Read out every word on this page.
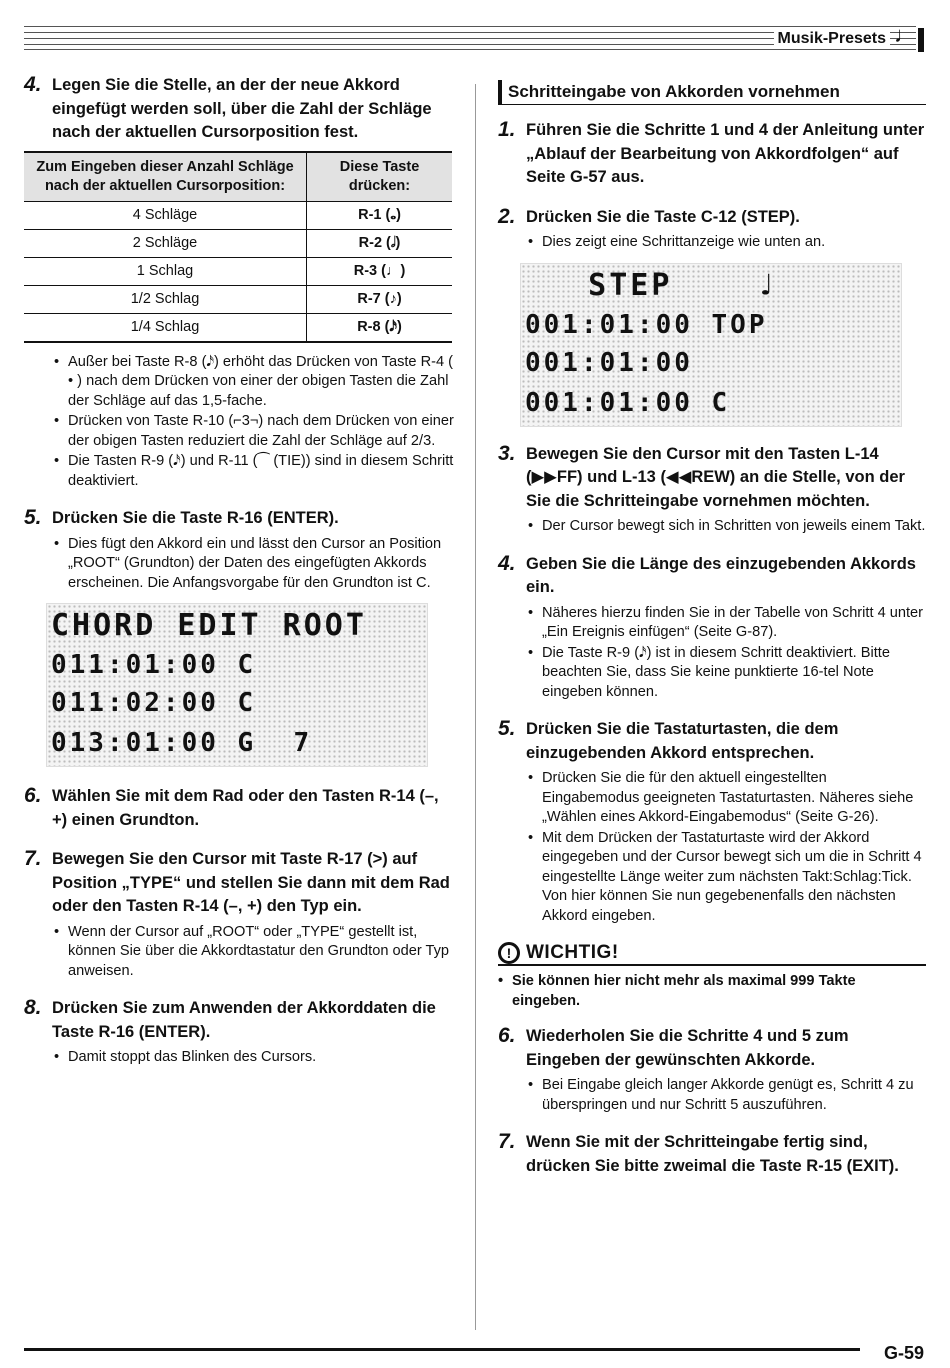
Musik-Presets ♩
4. Legen Sie die Stelle, an der der neue Akkord eingefügt werden soll, über die Zahl der Schläge nach der aktuellen Cursorposition fest.
Zum Eingeben dieser Anzahl Schläge nach der aktuellen Cursorposition:	Diese Taste drücken:
4 Schläge	R-1 (𝅝)
2 Schläge	R-2 (𝅗𝅥)
1 Schlag	R-3 (♩)
1/2 Schlag	R-7 (♪)
1/4 Schlag	R-8 (𝅘𝅥𝅯)
• Außer bei Taste R-8 (𝅘𝅥𝅯) erhöht das Drücken von Taste R-4 ( • ) nach dem Drücken von einer der obigen Tasten die Zahl der Schläge auf das 1,5-fache.
• Drücken von Taste R-10 (⌐3¬) nach dem Drücken von einer der obigen Tasten reduziert die Zahl der Schläge auf 2/3.
• Die Tasten R-9 (𝅘𝅥𝅯) und R-11 (⁀ (TIE)) sind in diesem Schritt deaktiviert.
5. Drücken Sie die Taste R-16 (ENTER).
• Dies fügt den Akkord ein und lässt den Cursor an Position „ROOT“ (Grundton) der Daten des eingefügten Akkords erscheinen. Die Anfangsvorgabe für den Grundton ist C.
CHORD EDIT ROOT
011:01:00 C
011:02:00 C
013:01:00 G  7
6. Wählen Sie mit dem Rad oder den Tasten R-14 (–, +) einen Grundton.
7. Bewegen Sie den Cursor mit Taste R-17 (>) auf Position „TYPE“ und stellen Sie dann mit dem Rad oder den Tasten R-14 (–, +) den Typ ein.
• Wenn der Cursor auf „ROOT“ oder „TYPE“ gestellt ist, können Sie über die Akkordtastatur den Grundton oder Typ anweisen.
8. Drücken Sie zum Anwenden der Akkorddaten die Taste R-16 (ENTER).
• Damit stoppt das Blinken des Cursors.
Schritteingabe von Akkorden vornehmen
1. Führen Sie die Schritte 1 und 4 der Anleitung unter „Ablauf der Bearbeitung von Akkordfolgen“ auf Seite G-57 aus.
2. Drücken Sie die Taste C-12 (STEP).
• Dies zeigt eine Schrittanzeige wie unten an.
STEP    ♩
001:01:00 TOP
001:01:00
001:01:00 C
3. Bewegen Sie den Cursor mit den Tasten L-14 (▶▶FF) und L-13 (◀◀REW) an die Stelle, von der Sie die Schritteingabe vornehmen möchten.
• Der Cursor bewegt sich in Schritten von jeweils einem Takt.
4. Geben Sie die Länge des einzugebenden Akkords ein.
• Näheres hierzu finden Sie in der Tabelle von Schritt 4 unter „Ein Ereignis einfügen“ (Seite G-87).
• Die Taste R-9 (𝅘𝅥𝅯) ist in diesem Schritt deaktiviert. Bitte beachten Sie, dass Sie keine punktierte 16-tel Note eingeben können.
5. Drücken Sie die Tastaturtasten, die dem einzugebenden Akkord entsprechen.
• Drücken Sie die für den aktuell eingestellten Eingabemodus geeigneten Tastaturtasten. Näheres siehe „Wählen eines Akkord-Eingabemodus“ (Seite G-26).
• Mit dem Drücken der Tastaturtaste wird der Akkord eingegeben und der Cursor bewegt sich um die in Schritt 4 eingestellte Länge weiter zum nächsten Takt:Schlag:Tick. Von hier können Sie nun gegebenenfalls den nächsten Akkord eingeben.
! WICHTIG!
• Sie können hier nicht mehr als maximal 999 Takte eingeben.
6. Wiederholen Sie die Schritte 4 und 5 zum Eingeben der gewünschten Akkorde.
• Bei Eingabe gleich langer Akkorde genügt es, Schritt 4 zu überspringen und nur Schritt 5 auszuführen.
7. Wenn Sie mit der Schritteingabe fertig sind, drücken Sie bitte zweimal die Taste R-15 (EXIT).
G-59
